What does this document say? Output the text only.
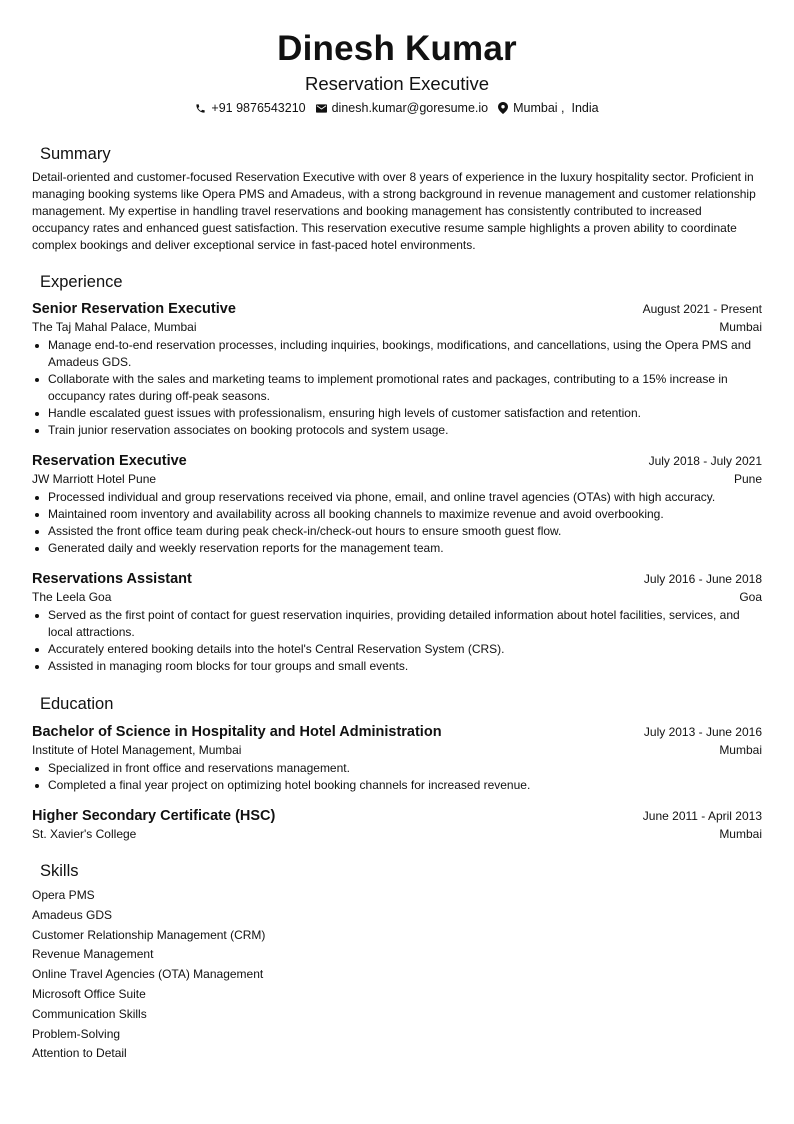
Dinesh Kumar
Reservation Executive
+91 9876543210 dinesh.kumar@goresume.io Mumbai ,  India
Summary

Detail-oriented and customer-focused Reservation Executive with over 8 years of experience in the luxury hospitality sector. Proficient in managing booking systems like Opera PMS and Amadeus, with a strong background in revenue management and customer relationship management. My expertise in handling travel reservations and booking management has consistently contributed to increased occupancy rates and enhanced guest satisfaction. This reservation executive resume sample highlights a proven ability to coordinate complex bookings and deliver exceptional service in fast-paced hotel environments.

Experience
Senior Reservation Executive	August 2021 - Present
The Taj Mahal Palace, Mumbai	Mumbai
Manage end-to-end reservation processes, including inquiries, bookings, modifications, and cancellations, using the Opera PMS and Amadeus GDS.
Collaborate with the sales and marketing teams to implement promotional rates and packages, contributing to a 15% increase in occupancy rates during off-peak seasons.
Handle escalated guest issues with professionalism, ensuring high levels of customer satisfaction and retention.
Train junior reservation associates on booking protocols and system usage.
Reservation Executive	July 2018 - July 2021
JW Marriott Hotel Pune	Pune
Processed individual and group reservations received via phone, email, and online travel agencies (OTAs) with high accuracy.
Maintained room inventory and availability across all booking channels to maximize revenue and avoid overbooking.
Assisted the front office team during peak check-in/check-out hours to ensure smooth guest flow.
Generated daily and weekly reservation reports for the management team.
Reservations Assistant	July 2016 - June 2018
The Leela Goa	Goa
Served as the first point of contact for guest reservation inquiries, providing detailed information about hotel facilities, services, and local attractions.
Accurately entered booking details into the hotel's Central Reservation System (CRS).
Assisted in managing room blocks for tour groups and small events.
Education
Bachelor of Science in Hospitality and Hotel Administration	July 2013 - June 2016
Institute of Hotel Management, Mumbai	Mumbai
Specialized in front office and reservations management.
Completed a final year project on optimizing hotel booking channels for increased revenue.
Higher Secondary Certificate (HSC)	June 2011 - April 2013
St. Xavier's College	Mumbai
Skills
Opera PMS
Amadeus GDS
Customer Relationship Management (CRM)
Revenue Management
Online Travel Agencies (OTA) Management
Microsoft Office Suite
Communication Skills
Problem-Solving
Attention to Detail
